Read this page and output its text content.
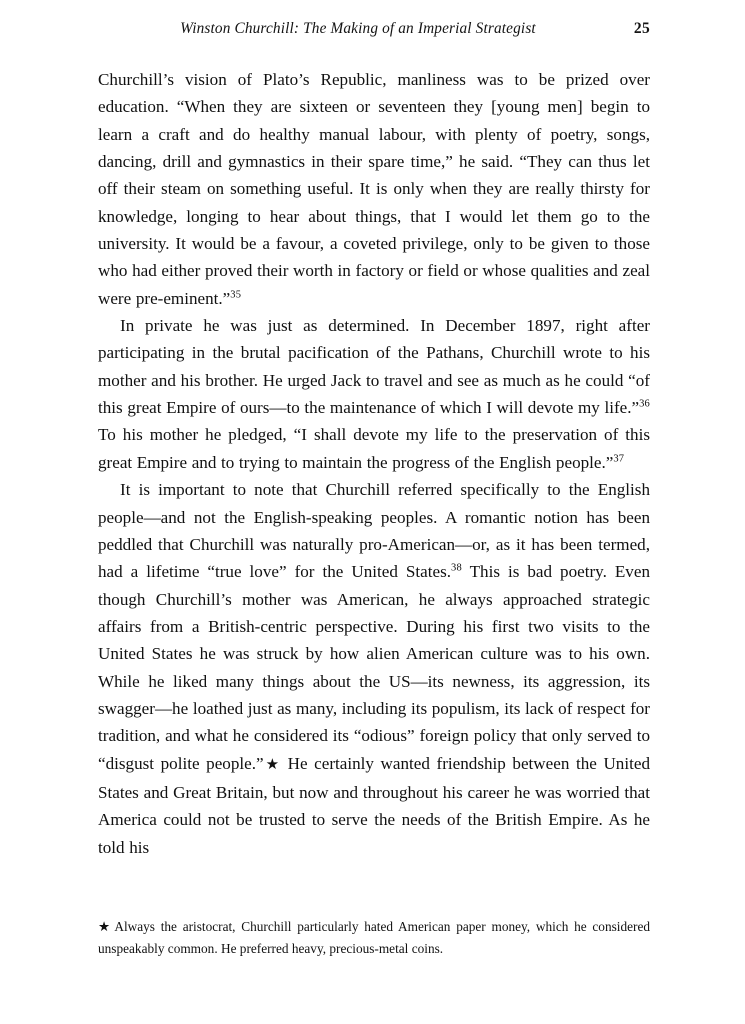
Winston Churchill: The Making of an Imperial Strategist	25

Churchill’s vision of Plato’s Republic, manliness was to be prized over education. “When they are sixteen or seventeen they [young men] begin to learn a craft and do healthy manual labour, with plenty of poetry, songs, dancing, drill and gymnastics in their spare time,” he said. “They can thus let off their steam on something useful. It is only when they are really thirsty for knowledge, longing to hear about things, that I would let them go to the university. It would be a favour, a coveted privilege, only to be given to those who had either proved their worth in factory or field or whose qualities and zeal were pre-eminent.”$^{35}$

In private he was just as determined. In December 1897, right after participating in the brutal pacification of the Pathans, Churchill wrote to his mother and his brother. He urged Jack to travel and see as much as he could “of this great Empire of ours—to the maintenance of which I will devote my life.”$^{36}$ To his mother he pledged, “I shall devote my life to the preservation of this great Empire and to trying to maintain the progress of the English people.”$^{37}$

It is important to note that Churchill referred specifically to the English people—and not the English-speaking peoples. A romantic notion has been peddled that Churchill was naturally pro-American—or, as it has been termed, had a lifetime “true love” for the United States.$^{38}$ This is bad poetry. Even though Churchill’s mother was American, he always approached strategic affairs from a British-centric perspective. During his first two visits to the United States he was struck by how alien American culture was to his own. While he liked many things about the US—its newness, its aggression, its swagger—he loathed just as many, including its populism, its lack of respect for tradition, and what he considered its “odious” foreign policy that only served to “disgust polite people.”★ He certainly wanted friendship between the United States and Great Britain, but now and throughout his career he was worried that America could not be trusted to serve the needs of the British Empire. As he told his

★ Always the aristocrat, Churchill particularly hated American paper money, which he considered unspeakably common. He preferred heavy, precious-metal coins.
